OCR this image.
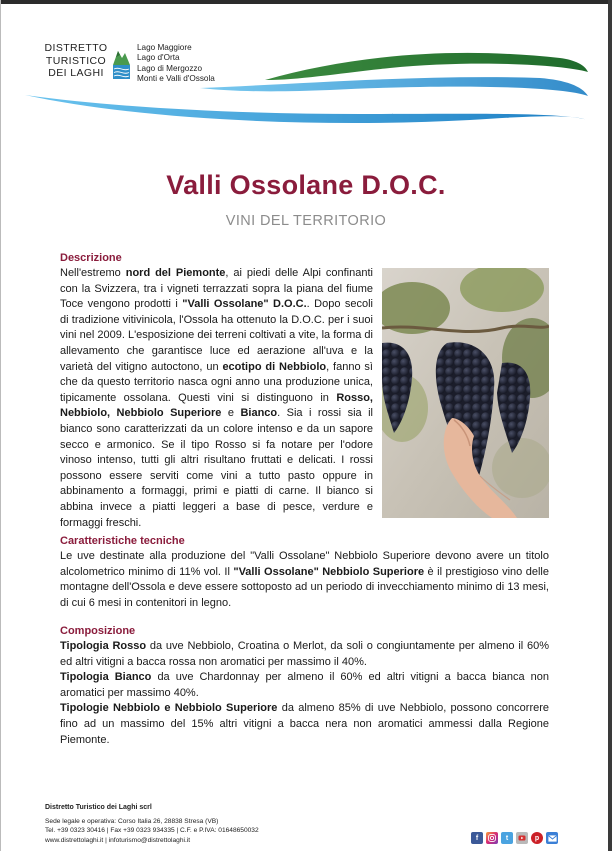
DISTRETTO
TURISTICO
DEI LAGHI
Lago Maggiore
Lago d'Orta
Lago di Mergozzo
Monti e Valli d'Ossola
Valli Ossolane D.O.C.
VINI DEL TERRITORIO
Descrizione
Nell'estremo nord del Piemonte, ai piedi delle Alpi confinanti con la Svizzera, tra i vigneti terrazzati sopra la piana del fiume Toce vengono prodotti i "Valli Ossolane" D.O.C.. Dopo secoli di tradizione vitivinicola, l'Ossola ha ottenuto la D.O.C. per i suoi vini nel 2009. L'esposizione dei terreni coltivati a vite, la forma di allevamento che garantisce luce ed aerazione all'uva e la varietà del vitigno autoctono, un ecotipo di Nebbiolo, fanno sì che da questo territorio nasca ogni anno una produzione unica, tipicamente ossolana. Questi vini si distinguono in Rosso, Nebbiolo, Nebbiolo Superiore e Bianco. Sia i rossi sia il bianco sono caratterizzati da un colore intenso e da un sapore secco e armonico. Se il tipo Rosso si fa notare per l'odore vinoso intenso, tutti gli altri risultano fruttati e delicati. I rossi possono essere serviti come vini a tutto pasto oppure in abbinamento a formaggi, primi e piatti di carne. Il bianco si abbina invece a piatti leggeri a base di pesce, verdure e formaggi freschi.
Caratteristiche tecniche
Le uve destinate alla produzione del "Valli Ossolane" Nebbiolo Superiore devono avere un titolo alcolometrico minimo di 11% vol. Il "Valli Ossolane" Nebbiolo Superiore è il prestigioso vino delle montagne dell'Ossola e deve essere sottoposto ad un periodo di invecchiamento minimo di 13 mesi, di cui 6 mesi in contenitori in legno.
Composizione

Tipologia Rosso da uve Nebbiolo, Croatina o Merlot, da soli o congiuntamente per almeno il 60% ed altri vitigni a bacca rossa non aromatici per massimo il 40%.

Tipologia Bianco da uve Chardonnay per almeno il 60% ed altri vitigni a bacca bianca non aromatici per massimo 40%.

Tipologie Nebbiolo e Nebbiolo Superiore da almeno 85% di uve Nebbiolo, possono concorrere fino ad un massimo del 15% altri vitigni a bacca nera non aromatici ammessi dalla Regione Piemonte.

Distretto Turistico dei Laghi scrl
Sede legale e operativa: Corso Italia 26, 28838 Stresa (VB)
Tel. +39 0323 30416 | Fax +39 0323 934335 | C.F. e P.IVA: 01648650032
www.distrettolaghi.it | infoturismo@distrettolaghi.it	f	t	p
